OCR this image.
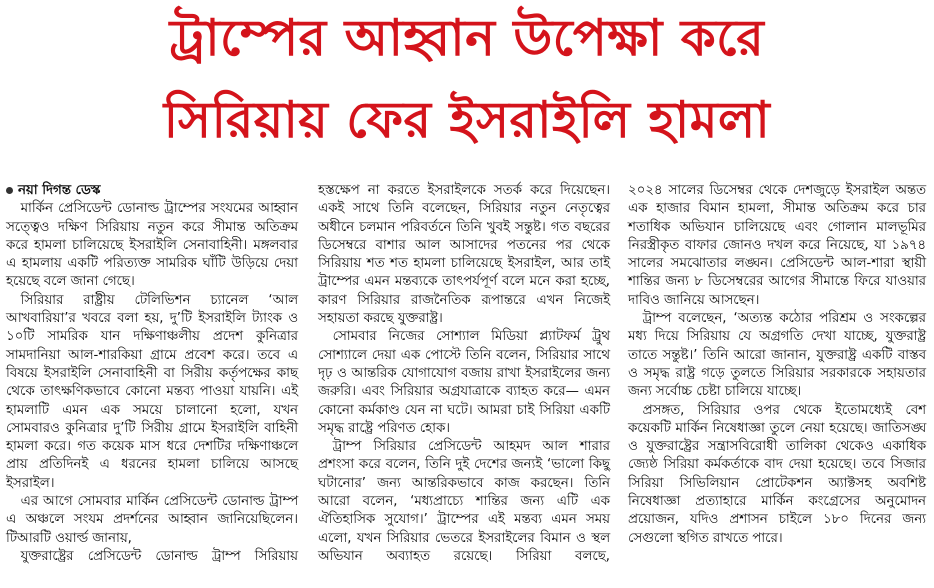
ট্রাম্পের আহ্বান উপেক্ষা করে
সিরিয়ায় ফের ইসরাইলি হামলা

নয়া দিগন্ত ডেস্ক

মার্কিন প্রেসিডেন্ট ডোনাল্ড ট্রাম্পের সংযমের আহ্বান সত্ত্বেও দক্ষিণ সিরিয়ায় নতুন করে সীমান্ত অতিক্রম করে হামলা চালিয়েছে ইসরাইলি সেনাবাহিনী। মঙ্গলবার এ হামলায় একটি পরিত্যক্ত সামরিক ঘাঁটি উড়িয়ে দেয়া হয়েছে বলে জানা গেছে।

সিরিয়ার রাষ্ট্রীয় টেলিভিশন চ্যানেল ‘আল আখবারিয়া’র খবরে বলা হয়, দু’টি ইসরাইলি ট্যাংক ও ১০টি সামরিক যান দক্ষিণাঞ্চলীয় প্রদেশ কুনিত্রার সামদানিয়া আল-শারকিয়া গ্রামে প্রবেশ করে। তবে এ বিষয়ে ইসরাইলি সেনাবাহিনী বা সিরীয় কর্তৃপক্ষের কাছ থেকে তাৎক্ষণিকভাবে কোনো মন্তব্য পাওয়া যায়নি। এই হামলাটি এমন এক সময়ে চালানো হলো, যখন সোমবারও কুনিত্রার দু’টি সিরীয় গ্রামে ইসরাইলি বাহিনী হামলা করে। গত কয়েক মাস ধরে দেশটির দক্ষিণাঞ্চলে প্রায় প্রতিদিনই এ ধরনের হামলা চালিয়ে আসছে ইসরাইল।

এর আগে সোমবার মার্কিন প্রেসিডেন্ট ডোনাল্ড ট্রাম্প এ অঞ্চলে সংযম প্রদর্শনের আহ্বান জানিয়েছিলেন। টিআরটি ওয়ার্ল্ড জানায়,

যুক্তরাষ্ট্রের প্রেসিডেন্ট ডোনাল্ড ট্রাম্প সিরিয়ায়

হস্তক্ষেপ না করতে ইসরাইলকে সতর্ক করে দিয়েছেন। একই সাথে তিনি বলেছেন, সিরিয়ার নতুন নেতৃত্বের অধীনে চলমান পরিবর্তনে তিনি খুবই সন্তুষ্ট। গত বছরের ডিসেম্বরে বাশার আল আসাদের পতনের পর থেকে সিরিয়ায় শত শত হামলা চালিয়েছে ইসরাইল, আর তাই ট্রাম্পের এমন মন্তব্যকে তাৎপর্যপূর্ণ বলে মনে করা হচ্ছে, কারণ সিরিয়ার রাজনৈতিক রূপান্তরে এখন নিজেই সহায়তা করছে যুক্তরাষ্ট্র।

সোমবার নিজের সোশ্যাল মিডিয়া প্ল্যাটফর্ম ট্রুথ সোশ্যালে দেয়া এক পোস্টে তিনি বলেন, সিরিয়ার সাথে দৃঢ় ও আন্তরিক যোগাযোগ বজায় রাখা ইসরাইলের জন্য জরুরি। এবং সিরিয়ার অগ্রযাত্রাকে ব্যাহত করে— এমন কোনো কর্মকাণ্ড যেন না ঘটে। আমরা চাই সিরিয়া একটি সমৃদ্ধ রাষ্ট্রে পরিণত হোক।

ট্রাম্প সিরিয়ার প্রেসিডেন্ট আহমদ আল শারার প্রশংসা করে বলেন, তিনি দুই দেশের জন্যই ‘ভালো কিছু ঘটানোর’ জন্য আন্তরিকভাবে কাজ করছেন। তিনি আরো বলেন, ‘মধ্যপ্রাচ্যে শান্তির জন্য এটি এক ঐতিহাসিক সুযোগ।’ ট্রাম্পের এই মন্তব্য এমন সময় এলো, যখন সিরিয়ার ভেতরে ইসরাইলের বিমান ও স্থল অভিযান অব্যাহত রয়েছে। সিরিয়া বলছে,

২০২৪ সালের ডিসেম্বর থেকে দেশজুড়ে ইসরাইল অন্তত এক হাজার বিমান হামলা, সীমান্ত অতিক্রম করে চার শতাধিক অভিযান চালিয়েছে এবং গোলান মালভূমির নিরস্ত্রীকৃত বাফার জোনও দখল করে নিয়েছে, যা ১৯৭৪ সালের সমঝোতার লঙ্ঘন। প্রেসিডেন্ট আল-শারা স্থায়ী শান্তির জন্য ৮ ডিসেম্বরের আগের সীমান্তে ফিরে যাওয়ার দাবিও জানিয়ে আসছেন।

ট্রাম্প বলেছেন, ‘অত্যন্ত কঠোর পরিশ্রম ও সংকল্পের মধ্য দিয়ে সিরিয়ায় যে অগ্রগতি দেখা যাচ্ছে, যুক্তরাষ্ট্র তাতে সন্তুষ্ট।’ তিনি আরো জানান, যুক্তরাষ্ট্র একটি বাস্তব ও সমৃদ্ধ রাষ্ট্র গড়ে তুলতে সিরিয়ার সরকারকে সহায়তার জন্য সর্বোচ্চ চেষ্টা চালিয়ে যাচ্ছে।

প্রসঙ্গত, সিরিয়ার ওপর থেকে ইতোমধ্যেই বেশ কয়েকটি মার্কিন নিষেধাজ্ঞা তুলে নেয়া হয়েছে। জাতিসঙ্ঘ ও যুক্তরাষ্ট্রের সন্ত্রাসবিরোধী তালিকা থেকেও একাধিক জ্যেষ্ঠ সিরিয়া কর্মকর্তাকে বাদ দেয়া হয়েছে। তবে সিজার সিরিয়া সিভিলিয়ান প্রোটেকশন অ্যাক্টসহ অবশিষ্ট নিষেধাজ্ঞা প্রত্যাহারে মার্কিন কংগ্রেসের অনুমোদন প্রয়োজন, যদিও প্রশাসন চাইলে ১৮০ দিনের জন্য সেগুলো স্থগিত রাখতে পারে।
